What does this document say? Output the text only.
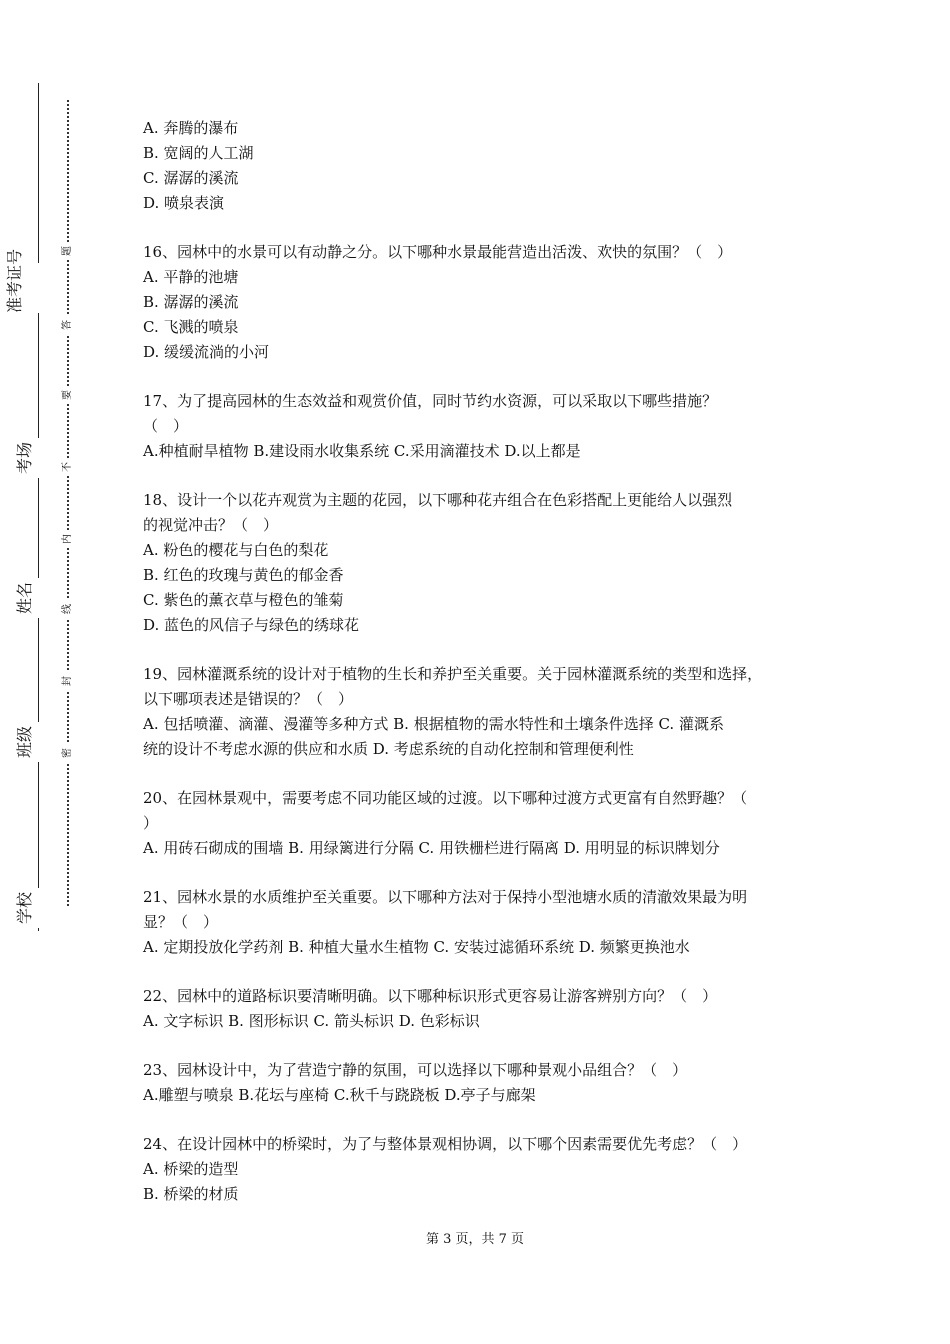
准考证号
考场
姓名
班级
学校
题
答
要
不
内
线
封
密

A. 奔腾的瀑布

B. 宽阔的人工湖

C. 潺潺的溪流

D. 喷泉表演

16、园林中的水景可以有动静之分。以下哪种水景最能营造出活泼、欢快的氛围？（　）

A. 平静的池塘

B. 潺潺的溪流

C. 飞溅的喷泉

D. 缓缓流淌的小河

17、为了提高园林的生态效益和观赏价值，同时节约水资源，可以采取以下哪些措施？

（　）

A.种植耐旱植物 B.建设雨水收集系统 C.采用滴灌技术 D.以上都是

18、设计一个以花卉观赏为主题的花园，以下哪种花卉组合在色彩搭配上更能给人以强烈

的视觉冲击？（　）

A. 粉色的樱花与白色的梨花

B. 红色的玫瑰与黄色的郁金香

C. 紫色的薰衣草与橙色的雏菊

D. 蓝色的风信子与绿色的绣球花

19、园林灌溉系统的设计对于植物的生长和养护至关重要。关于园林灌溉系统的类型和选择，

以下哪项表述是错误的？（　）

A. 包括喷灌、滴灌、漫灌等多种方式 B. 根据植物的需水特性和土壤条件选择 C. 灌溉系

统的设计不考虑水源的供应和水质 D. 考虑系统的自动化控制和管理便利性

20、在园林景观中，需要考虑不同功能区域的过渡。以下哪种过渡方式更富有自然野趣？（

）

A. 用砖石砌成的围墙 B. 用绿篱进行分隔 C. 用铁栅栏进行隔离 D. 用明显的标识牌划分

21、园林水景的水质维护至关重要。以下哪种方法对于保持小型池塘水质的清澈效果最为明

显？（　）

A. 定期投放化学药剂 B. 种植大量水生植物 C. 安装过滤循环系统 D. 频繁更换池水

22、园林中的道路标识要清晰明确。以下哪种标识形式更容易让游客辨别方向？（　）

A. 文字标识 B. 图形标识 C. 箭头标识 D. 色彩标识

23、园林设计中，为了营造宁静的氛围，可以选择以下哪种景观小品组合？（　）

A.雕塑与喷泉 B.花坛与座椅 C.秋千与跷跷板 D.亭子与廊架

24、在设计园林中的桥梁时，为了与整体景观相协调，以下哪个因素需要优先考虑？（　）

A. 桥梁的造型

B. 桥梁的材质

第 3 页，共 7 页
